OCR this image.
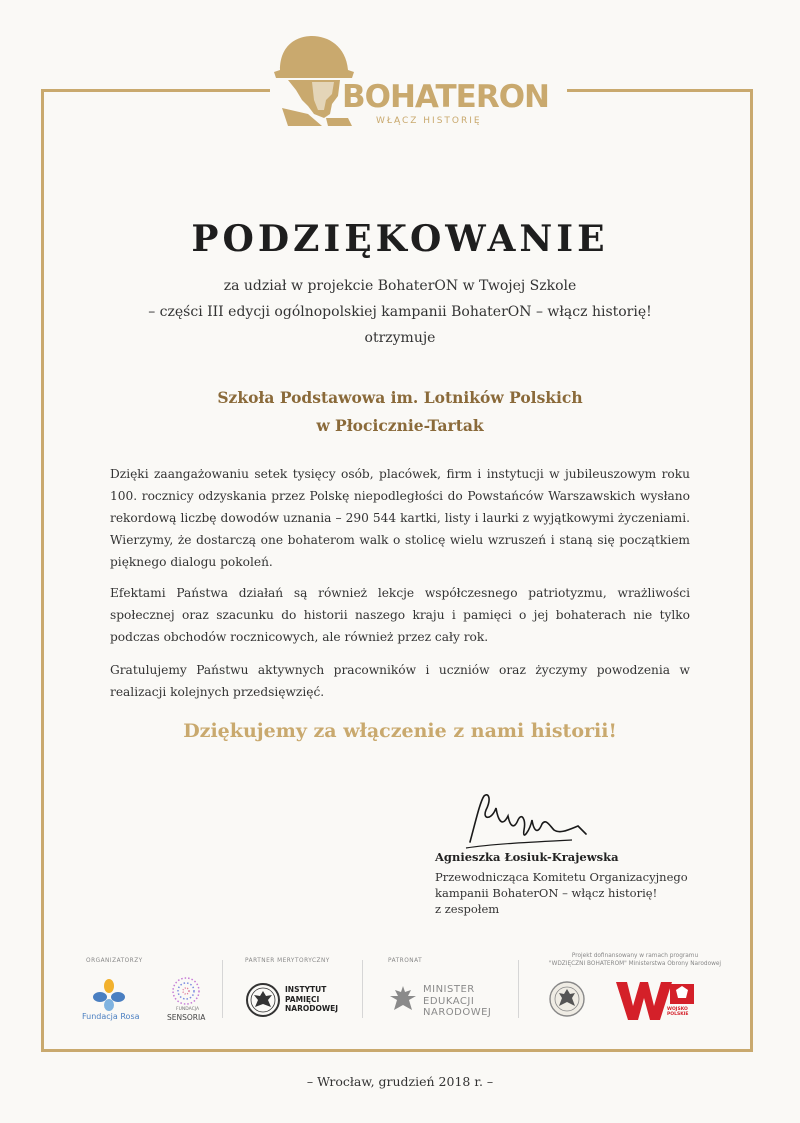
BOHATERON
WŁĄCZ HISTORIĘ
PODZIĘKOWANIE
za udział w projekcie BohaterON w Twojej Szkole
– części III edycji ogólnopolskiej kampanii BohaterON – włącz historię!
otrzymuje
Szkoła Podstawowa im. Lotników Polskich
w Płocicznie-Tartak

Dzięki zaangażowaniu setek tysięcy osób, placówek, firm i instytucji w jubileuszowym roku 100. rocznicy odzyskania przez Polskę niepodległości do Powstańców Warszawskich wysłano rekordową liczbę dowodów uznania – 290 544 kartki, listy i laurki z wyjątkowymi życzeniami. Wierzymy, że dostarczą one bohaterom walk o stolicę wielu wzruszeń i staną się początkiem pięknego dialogu pokoleń.

Efektami Państwa działań są również lekcje współczesnego patriotyzmu, wrażliwości społecznej oraz szacunku do historii naszego kraju i pamięci o jej bohaterach nie tylko podczas obchodów rocznicowych, ale również przez cały rok.

Gratulujemy Państwu aktywnych pracowników i uczniów oraz życzymy powodzenia w realizacji kolejnych przedsięwzięć.

Dziękujemy za włączenie z nami historii!
Agnieszka Łosiuk-Krajewska
Przewodnicząca Komitetu Organizacyjnego
kampanii BohaterON – włącz historię!
z zespołem
ORGANIZATORZY	PARTNER MERYTORYCZNY	PATRONAT
Projekt dofinansowany w ramach programu
"WDZIĘCZNI BOHATEROM" Ministerstwa Obrony Narodowej
Fundacja Rosa
FUNDACJA
SENSORIA
INSTYTUT
PAMIĘCI
NARODOWEJ
MINISTER
EDUKACJI
NARODOWEJ	WOJSKO POLSKIE
– Wrocław, grudzień 2018 r. –
